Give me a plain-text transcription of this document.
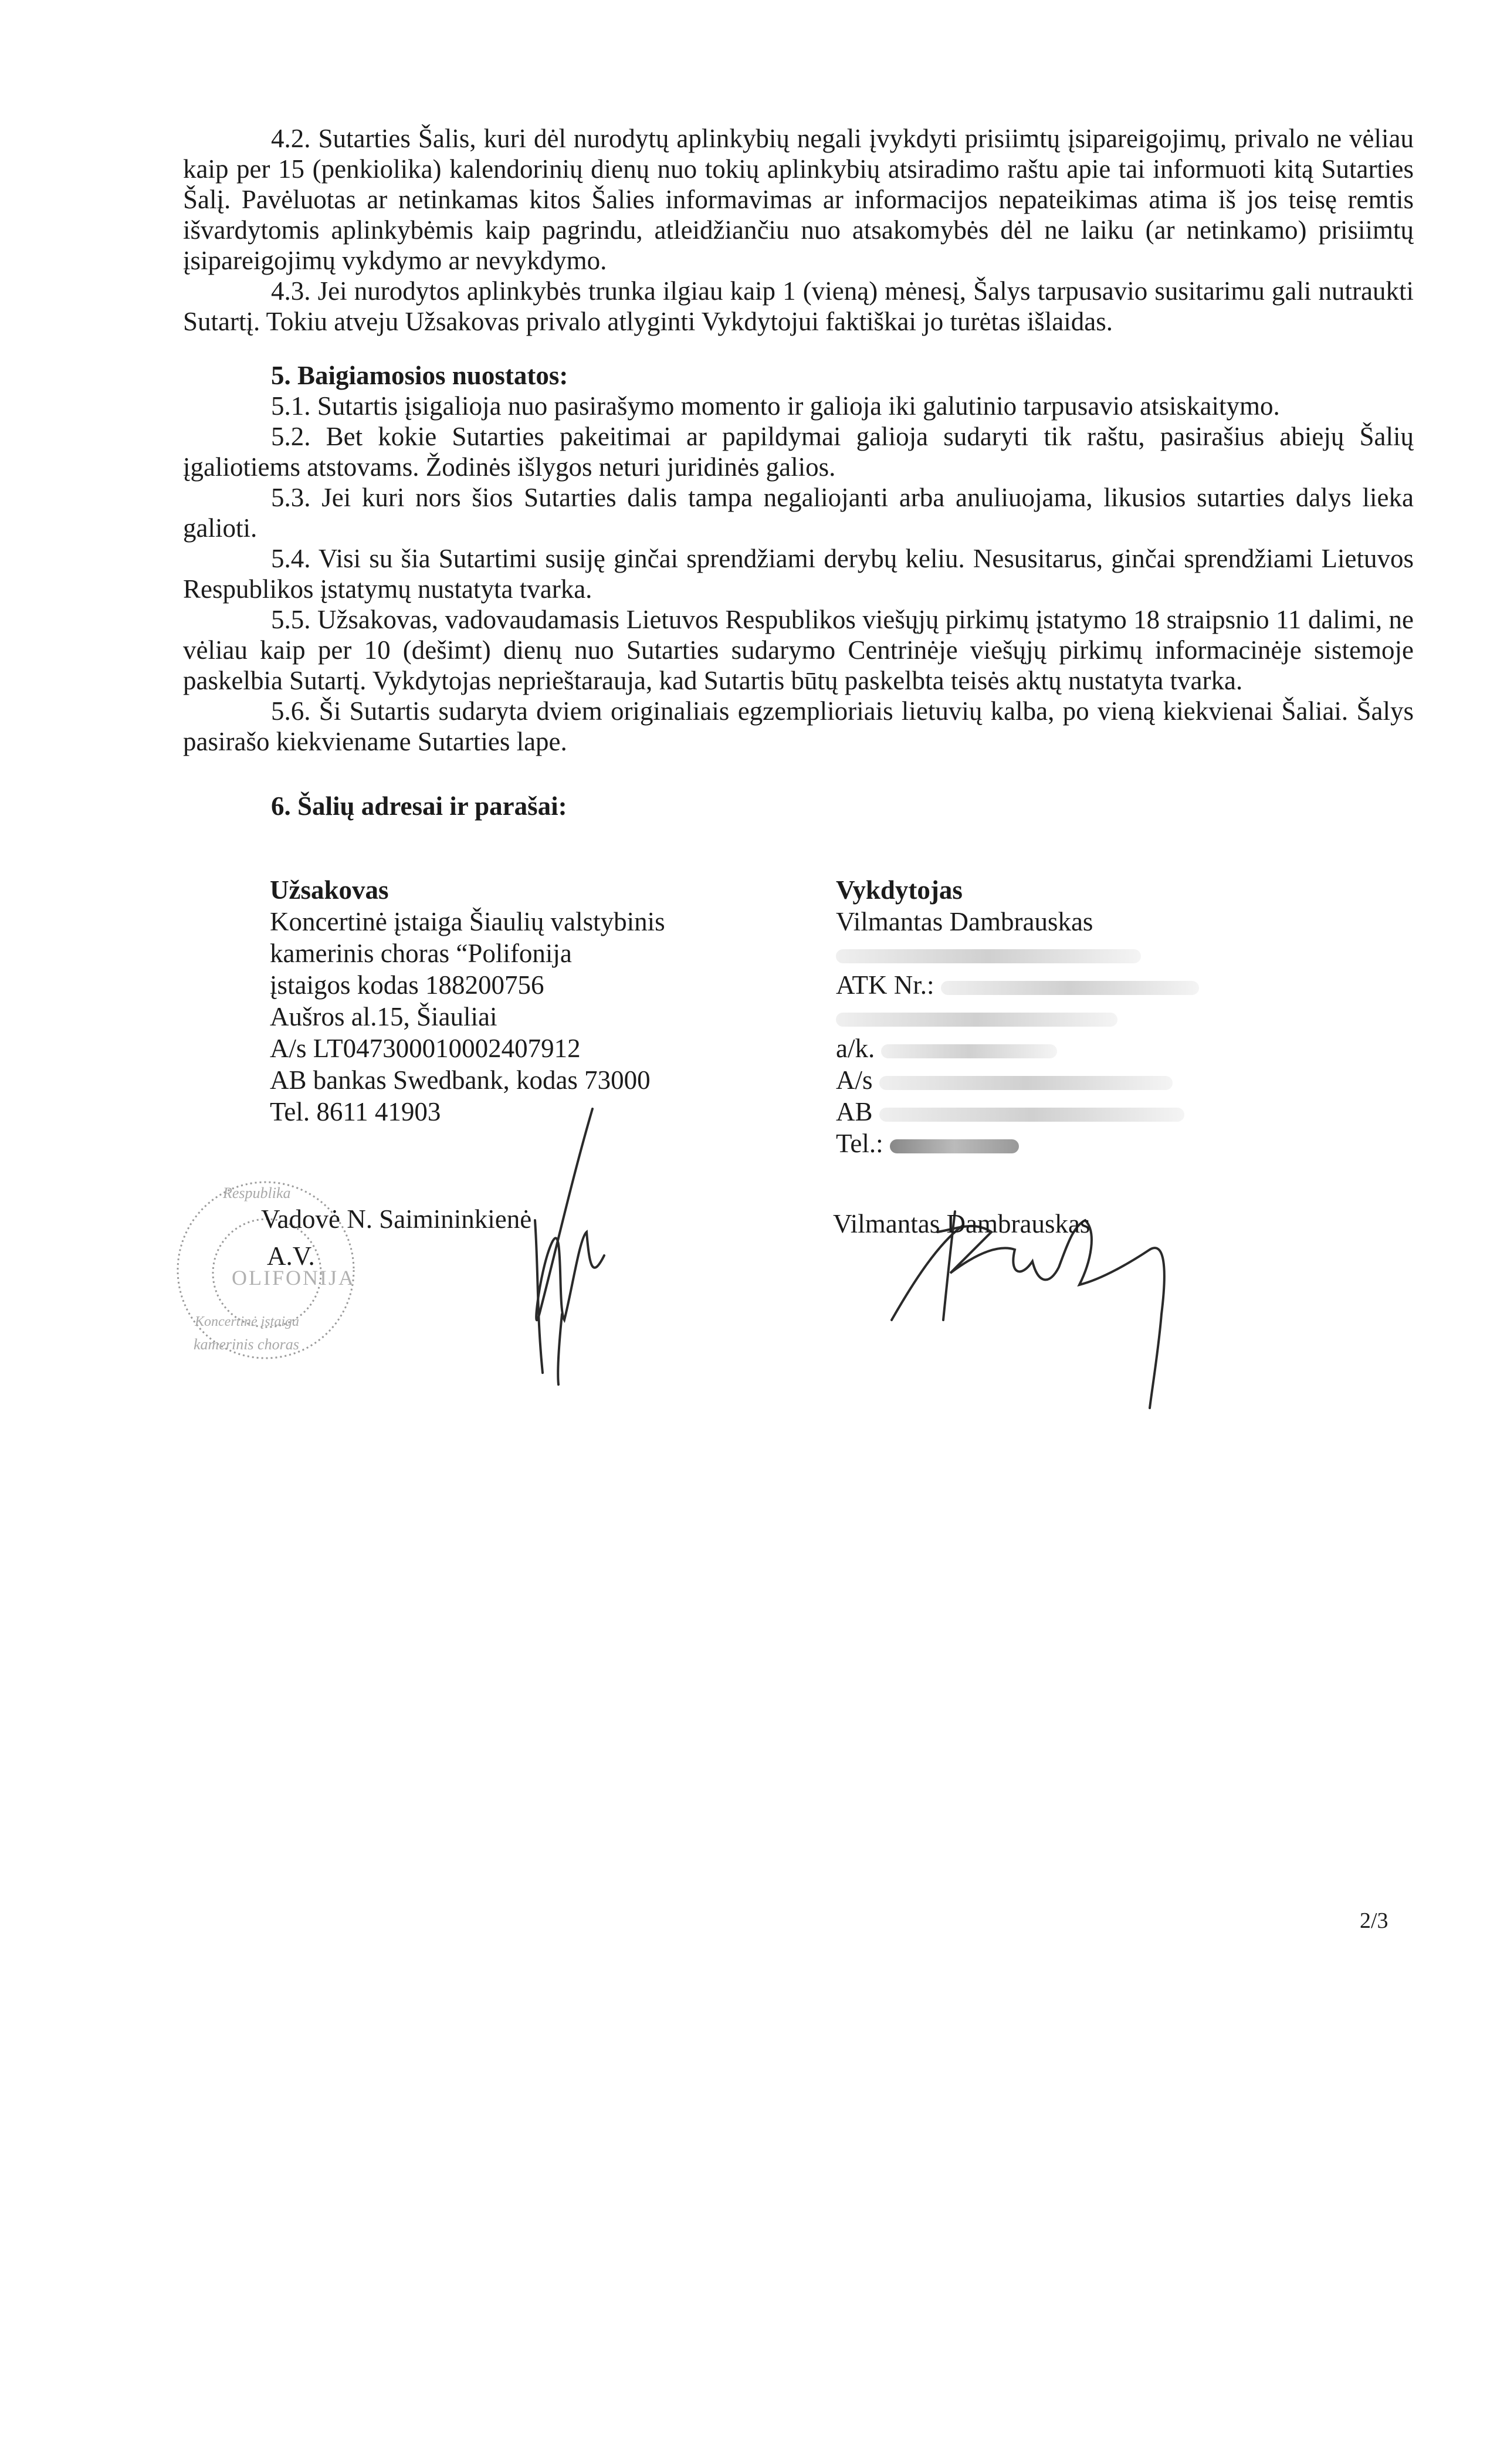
4.2. Sutarties Šalis, kuri dėl nurodytų aplinkybių negali įvykdyti prisiimtų įsipareigojimų, privalo ne vėliau kaip per 15 (penkiolika) kalendorinių dienų nuo tokių aplinkybių atsiradimo raštu apie tai informuoti kitą Sutarties Šalį. Pavėluotas ar netinkamas kitos Šalies informavimas ar informacijos nepateikimas atima iš jos teisę remtis išvardytomis aplinkybėmis kaip pagrindu, atleidžiančiu nuo atsakomybės dėl ne laiku (ar netinkamo) prisiimtų įsipareigojimų vykdymo ar nevykdymo.

4.3. Jei nurodytos aplinkybės trunka ilgiau kaip 1 (vieną) mėnesį, Šalys tarpusavio susitarimu gali nutraukti Sutartį. Tokiu atveju Užsakovas privalo atlyginti Vykdytojui faktiškai jo turėtas išlaidas.

5. Baigiamosios nuostatos:

5.1. Sutartis įsigalioja nuo pasirašymo momento ir galioja iki galutinio tarpusavio atsiskaitymo.

5.2. Bet kokie Sutarties pakeitimai ar papildymai galioja sudaryti tik raštu, pasirašius abiejų Šalių įgaliotiems atstovams. Žodinės išlygos neturi juridinės galios.

5.3. Jei kuri nors šios Sutarties dalis tampa negaliojanti arba anuliuojama, likusios sutarties dalys lieka galioti.

5.4. Visi su šia Sutartimi susiję ginčai sprendžiami derybų keliu. Nesusitarus, ginčai sprendžiami Lietuvos Respublikos įstatymų nustatyta tvarka.

5.5. Užsakovas, vadovaudamasis Lietuvos Respublikos viešųjų pirkimų įstatymo 18 straipsnio 11 dalimi, ne vėliau kaip per 10 (dešimt) dienų nuo Sutarties sudarymo Centrinėje viešųjų pirkimų informacinėje sistemoje paskelbia Sutartį. Vykdytojas neprieštarauja, kad Sutartis būtų paskelbta teisės aktų nustatyta tvarka.

5.6. Ši Sutartis sudaryta dviem originaliais egzemplioriais lietuvių kalba, po vieną kiekvienai Šaliai. Šalys pasirašo kiekviename Sutarties lape.

6. Šalių adresai ir parašai:

Užsakovas
Koncertinė įstaiga Šiaulių valstybinis
kamerinis choras “Polifonija
įstaigos kodas 188200756
Aušros al.15, Šiauliai
A/s LT047300010002407912
AB bankas Swedbank, kodas 73000
Tel. 8611 41903
Vykdytojas
Vilmantas Dambrauskas
ATK Nr.:
a/k.
A/s
AB
Tel.:
Respublika
kamerinis choras
Koncertinė įstaiga
OLIFONIJA
Vadovė N. Saimininkienė
A.V.
Vilmantas Dambrauskas
2/3
